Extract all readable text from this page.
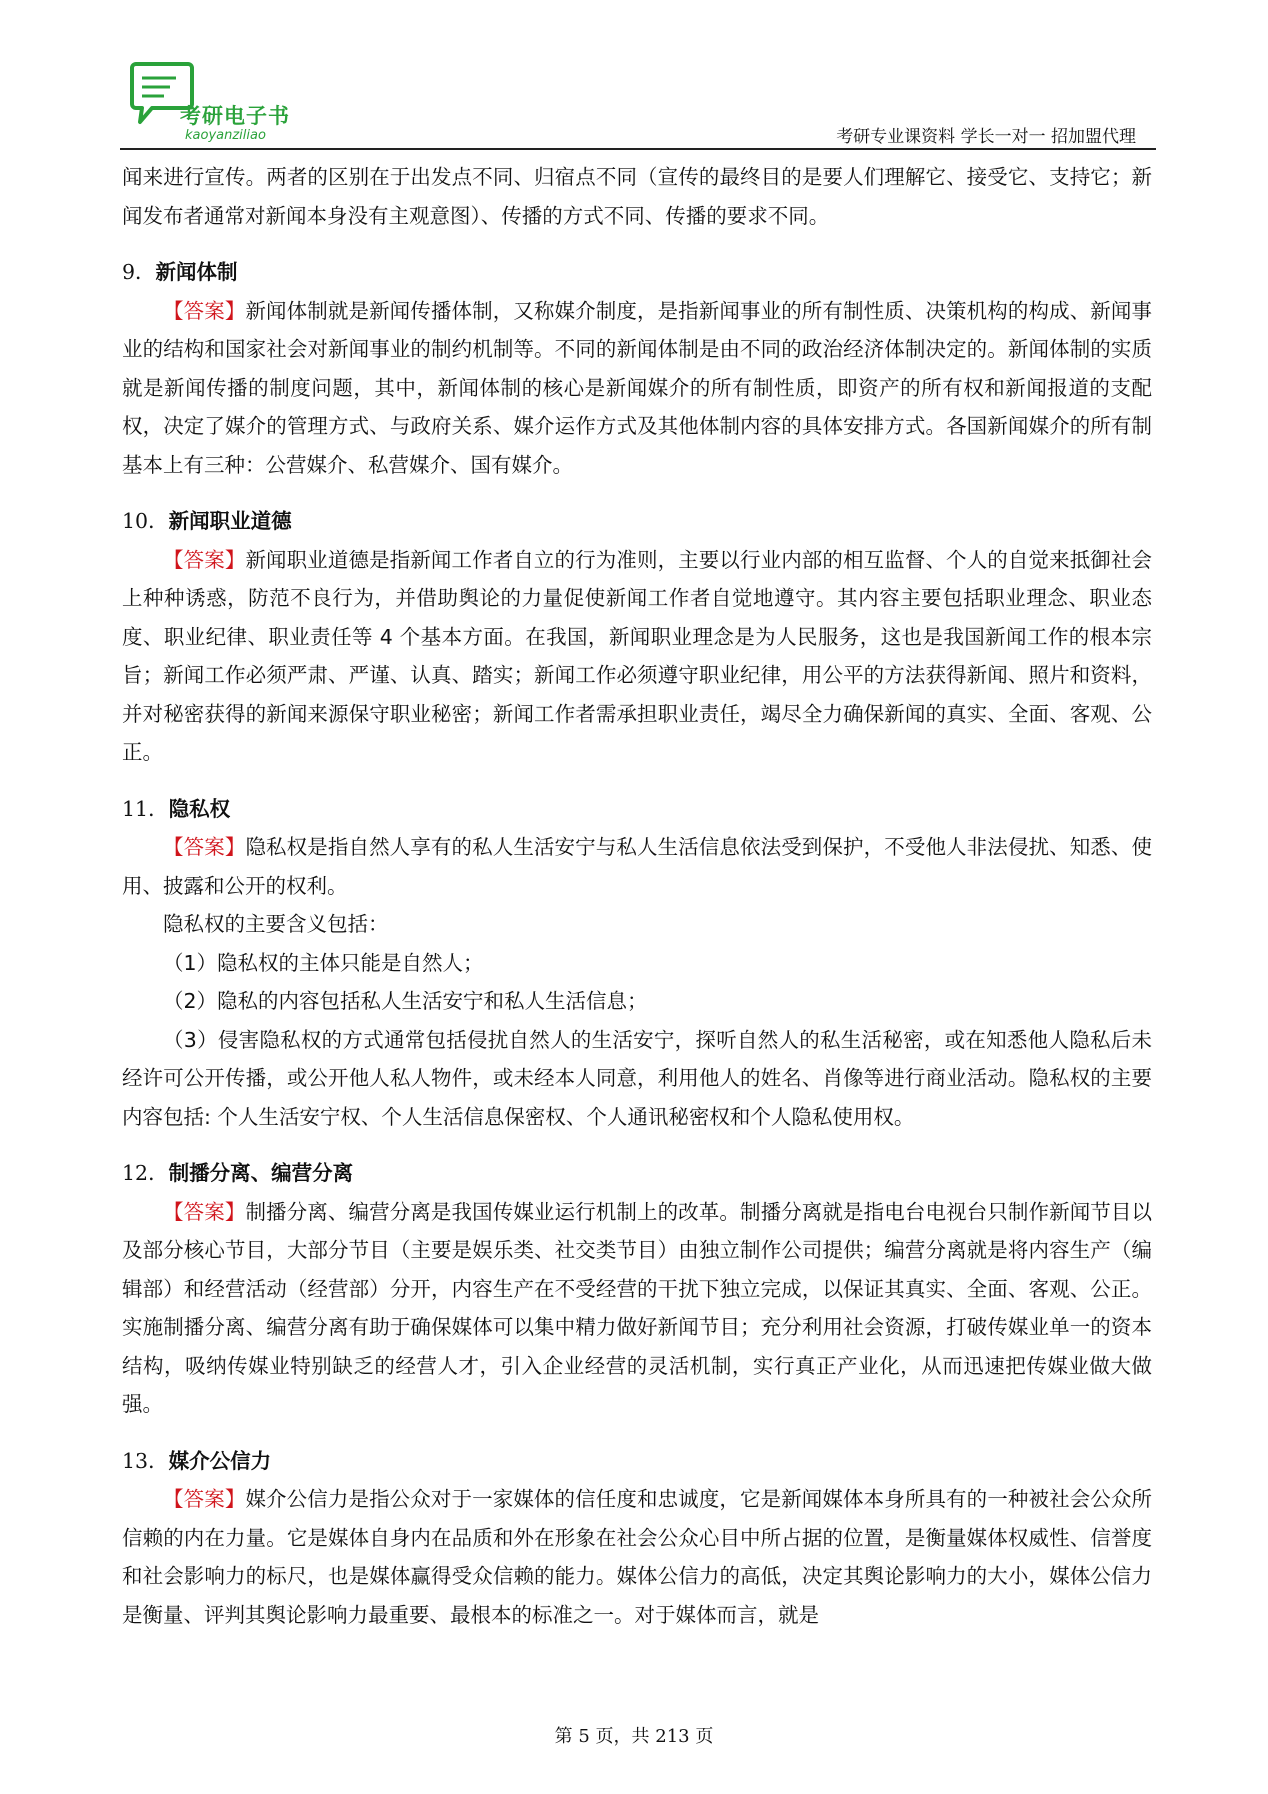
考研电子书
kaoyanziliao	考研专业课资料 学长一对一 招加盟代理

闻来进行宣传。两者的区别在于出发点不同、归宿点不同（宣传的最终目的是要人们理解它、接受它、支持它；新闻发布者通常对新闻本身没有主观意图）、传播的方式不同、传播的要求不同。

9．新闻体制

【答案】新闻体制就是新闻传播体制，又称媒介制度，是指新闻事业的所有制性质、决策机构的构成、新闻事业的结构和国家社会对新闻事业的制约机制等。不同的新闻体制是由不同的政治经济体制决定的。新闻体制的实质就是新闻传播的制度问题，其中，新闻体制的核心是新闻媒介的所有制性质，即资产的所有权和新闻报道的支配权，决定了媒介的管理方式、与政府关系、媒介运作方式及其他体制内容的具体安排方式。各国新闻媒介的所有制基本上有三种：公营媒介、私营媒介、国有媒介。

10．新闻职业道德

【答案】新闻职业道德是指新闻工作者自立的行为准则，主要以行业内部的相互监督、个人的自觉来抵御社会上种种诱惑，防范不良行为，并借助舆论的力量促使新闻工作者自觉地遵守。其内容主要包括职业理念、职业态度、职业纪律、职业责任等 4 个基本方面。在我国，新闻职业理念是为人民服务，这也是我国新闻工作的根本宗旨；新闻工作必须严肃、严谨、认真、踏实；新闻工作必须遵守职业纪律，用公平的方法获得新闻、照片和资料，并对秘密获得的新闻来源保守职业秘密；新闻工作者需承担职业责任，竭尽全力确保新闻的真实、全面、客观、公正。

11．隐私权

【答案】隐私权是指自然人享有的私人生活安宁与私人生活信息依法受到保护，不受他人非法侵扰、知悉、使用、披露和公开的权利。

隐私权的主要含义包括：

（1）隐私权的主体只能是自然人；

（2）隐私的内容包括私人生活安宁和私人生活信息；

（3）侵害隐私权的方式通常包括侵扰自然人的生活安宁，探听自然人的私生活秘密，或在知悉他人隐私后未经许可公开传播，或公开他人私人物件，或未经本人同意，利用他人的姓名、肖像等进行商业活动。隐私权的主要内容包括: 个人生活安宁权、个人生活信息保密权、个人通讯秘密权和个人隐私使用权。

12．制播分离、编营分离

【答案】制播分离、编营分离是我国传媒业运行机制上的改革。制播分离就是指电台电视台只制作新闻节目以及部分核心节目，大部分节目（主要是娱乐类、社交类节目）由独立制作公司提供；编营分离就是将内容生产（编辑部）和经营活动（经营部）分开，内容生产在不受经营的干扰下独立完成，以保证其真实、全面、客观、公正。实施制播分离、编营分离有助于确保媒体可以集中精力做好新闻节目；充分利用社会资源，打破传媒业单一的资本结构，吸纳传媒业特别缺乏的经营人才，引入企业经营的灵活机制，实行真正产业化，从而迅速把传媒业做大做强。

13．媒介公信力

【答案】媒介公信力是指公众对于一家媒体的信任度和忠诚度，它是新闻媒体本身所具有的一种被社会公众所信赖的内在力量。它是媒体自身内在品质和外在形象在社会公众心目中所占据的位置，是衡量媒体权威性、信誉度和社会影响力的标尺，也是媒体赢得受众信赖的能力。媒体公信力的高低，决定其舆论影响力的大小，媒体公信力是衡量、评判其舆论影响力最重要、最根本的标准之一。对于媒体而言，就是

第 5 页，共 213 页
